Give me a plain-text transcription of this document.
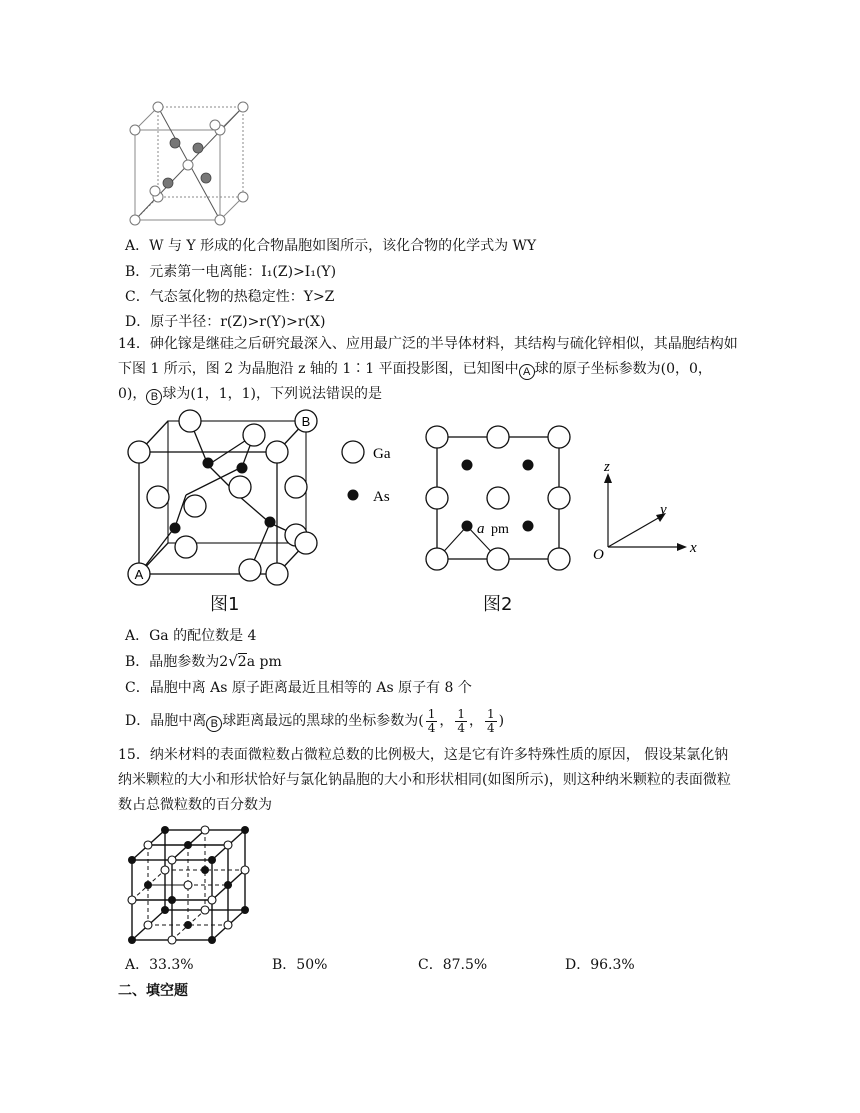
A．W 与 Y 形成的化合物晶胞如图所示，该化合物的化学式为 WY
B．元素第一电离能：I₁(Z)>I₁(Y)
C．气态氢化物的热稳定性：Y>Z
D．原子半径：r(Z)>r(Y)>r(X)
14．砷化镓是继硅之后研究最深入、应用最广泛的半导体材料，其结构与硫化锌相似，其晶胞结构如下图 1 所示，图 2 为晶胞沿 z 轴的 1∶1 平面投影图，已知图中 A 球的原子坐标参数为(0，0，0)， B 球为(1，1，1)，下列说法错误的是
A
B
Ga
As
a pm
z
y
x
O
图1	图2
A．Ga 的配位数是 4
B．晶胞参数为2√2a pm
C．晶胞中离 As 原子距离最近且相等的 As 原子有 8 个
D．晶胞中离 B 球距离最远的黑球的坐标参数为( $\frac{1}{4}$ ， $\frac{1}{4}$ ， $\frac{1}{4}$ )
15．纳米材料的表面微粒数占微粒总数的比例极大，这是它有许多特殊性质的原因， 假设某氯化钠纳米颗粒的大小和形状恰好与氯化钠晶胞的大小和形状相同(如图所示)，则这种纳米颗粒的表面微粒数占总微粒数的百分数为
A．33.3%	B．50%	C．87.5%	D．96.3%
二、填空题
